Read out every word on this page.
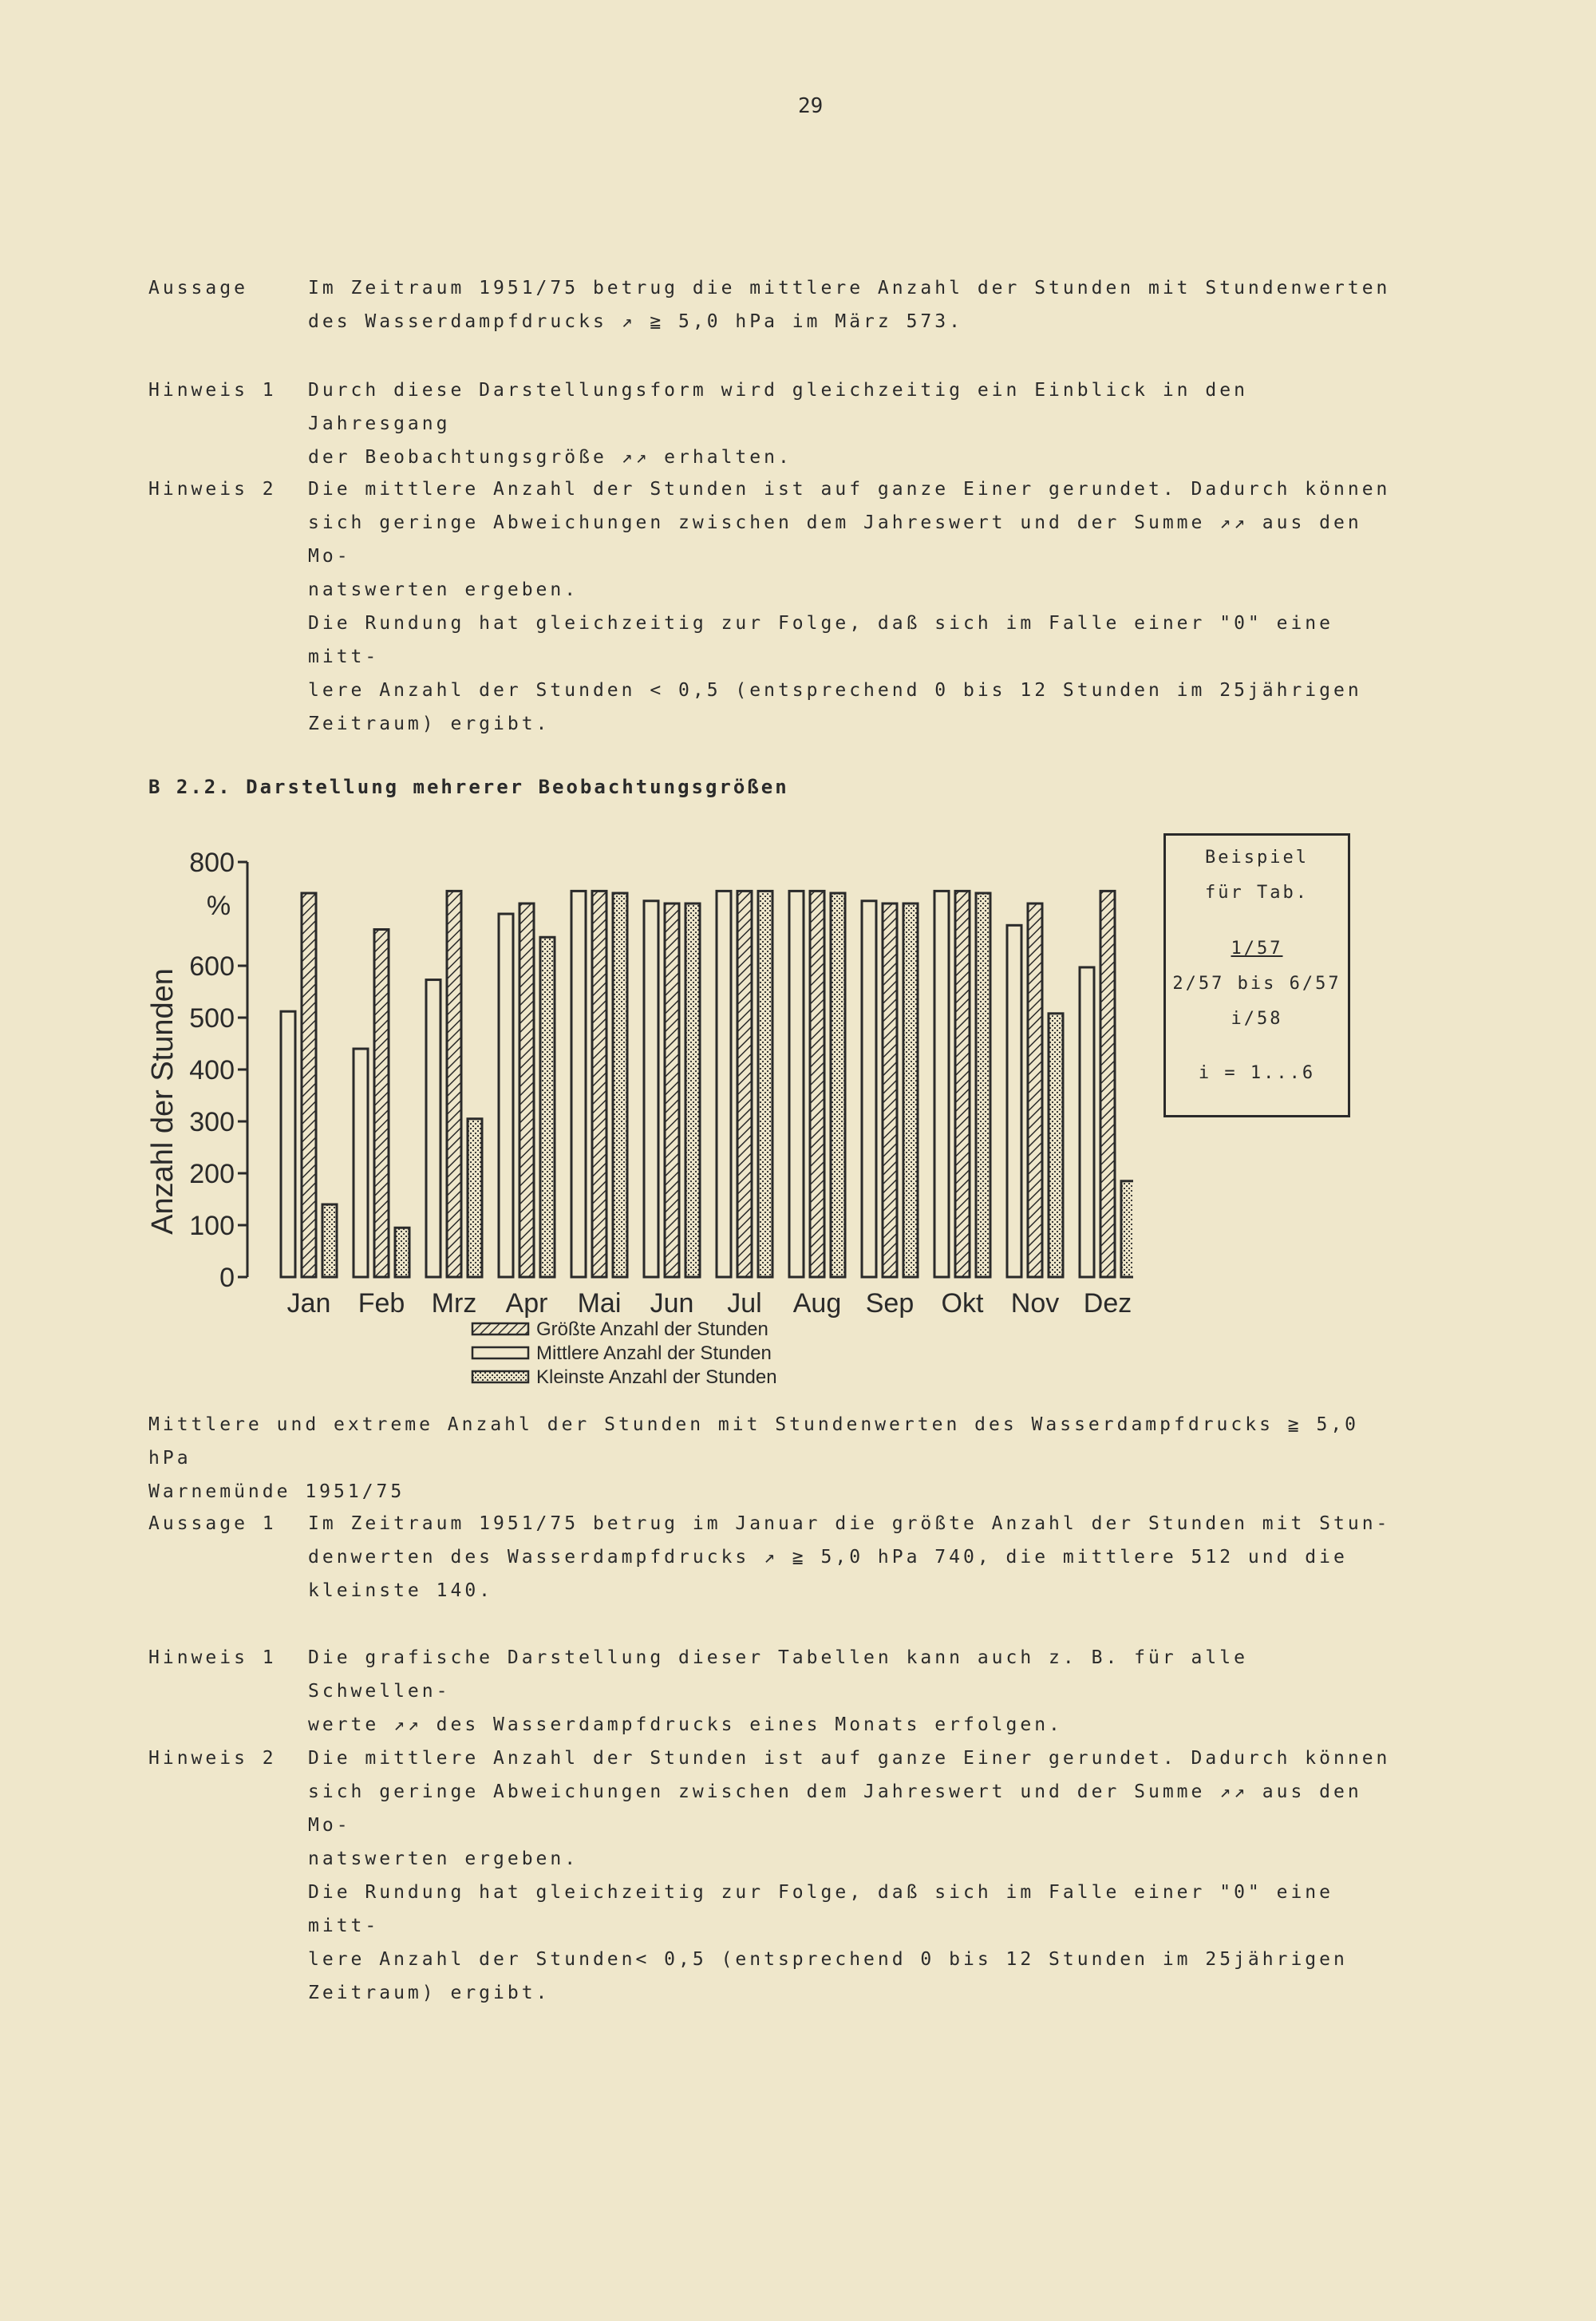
29
Aussage	Im Zeitraum 1951/75 betrug die mittlere Anzahl der Stunden mit Stundenwerten

des Wasserdampfdrucks ↗ ≧ 5,0 hPa im März 573.

Hinweis 1	Durch diese Darstellungsform wird gleichzeitig ein Einblick in den Jahresgang

der Beobachtungsgröße ↗↗ erhalten.

Hinweis 2	Die mittlere Anzahl der Stunden ist auf ganze Einer gerundet. Dadurch können

sich geringe Abweichungen zwischen dem Jahreswert und der Summe ↗↗ aus den Mo-

natswerten ergeben.

Die Rundung hat gleichzeitig zur Folge, daß sich im Falle einer "0" eine mitt-

lere Anzahl der Stunden < 0,5 (entsprechend 0 bis 12 Stunden im 25jährigen

Zeitraum) ergibt.

B 2.2. Darstellung mehrerer Beobachtungsgrößen
0
100
200
300
400
500
600
800
%
Anzahl der Stunden
Jan Feb Mrz Apr Mai Jun Jul Aug Sep Okt Nov Dez
Größte Anzahl der Stunden
Mittlere Anzahl der Stunden
Kleinste Anzahl der Stunden

Beispiel

für Tab.

1/57

2/57 bis 6/57

i/58

i = 1...6

Mittlere und extreme Anzahl der Stunden mit Stundenwerten des Wasserdampfdrucks ≧ 5,0 hPa

Warnemünde 1951/75

Aussage 1	Im Zeitraum 1951/75 betrug im Januar die größte Anzahl der Stunden mit Stun-

denwerten des Wasserdampfdrucks ↗ ≧ 5,0 hPa 740, die mittlere 512 und die

kleinste 140.

Hinweis 1	Die grafische Darstellung dieser Tabellen kann auch z. B. für alle Schwellen-

werte ↗↗ des Wasserdampfdrucks eines Monats erfolgen.

Hinweis 2	Die mittlere Anzahl der Stunden ist auf ganze Einer gerundet. Dadurch können

sich geringe Abweichungen zwischen dem Jahreswert und der Summe ↗↗ aus den Mo-

natswerten ergeben.

Die Rundung hat gleichzeitig zur Folge, daß sich im Falle einer "0" eine mitt-

lere Anzahl der Stunden< 0,5 (entsprechend 0 bis 12 Stunden im 25jährigen

Zeitraum) ergibt.
